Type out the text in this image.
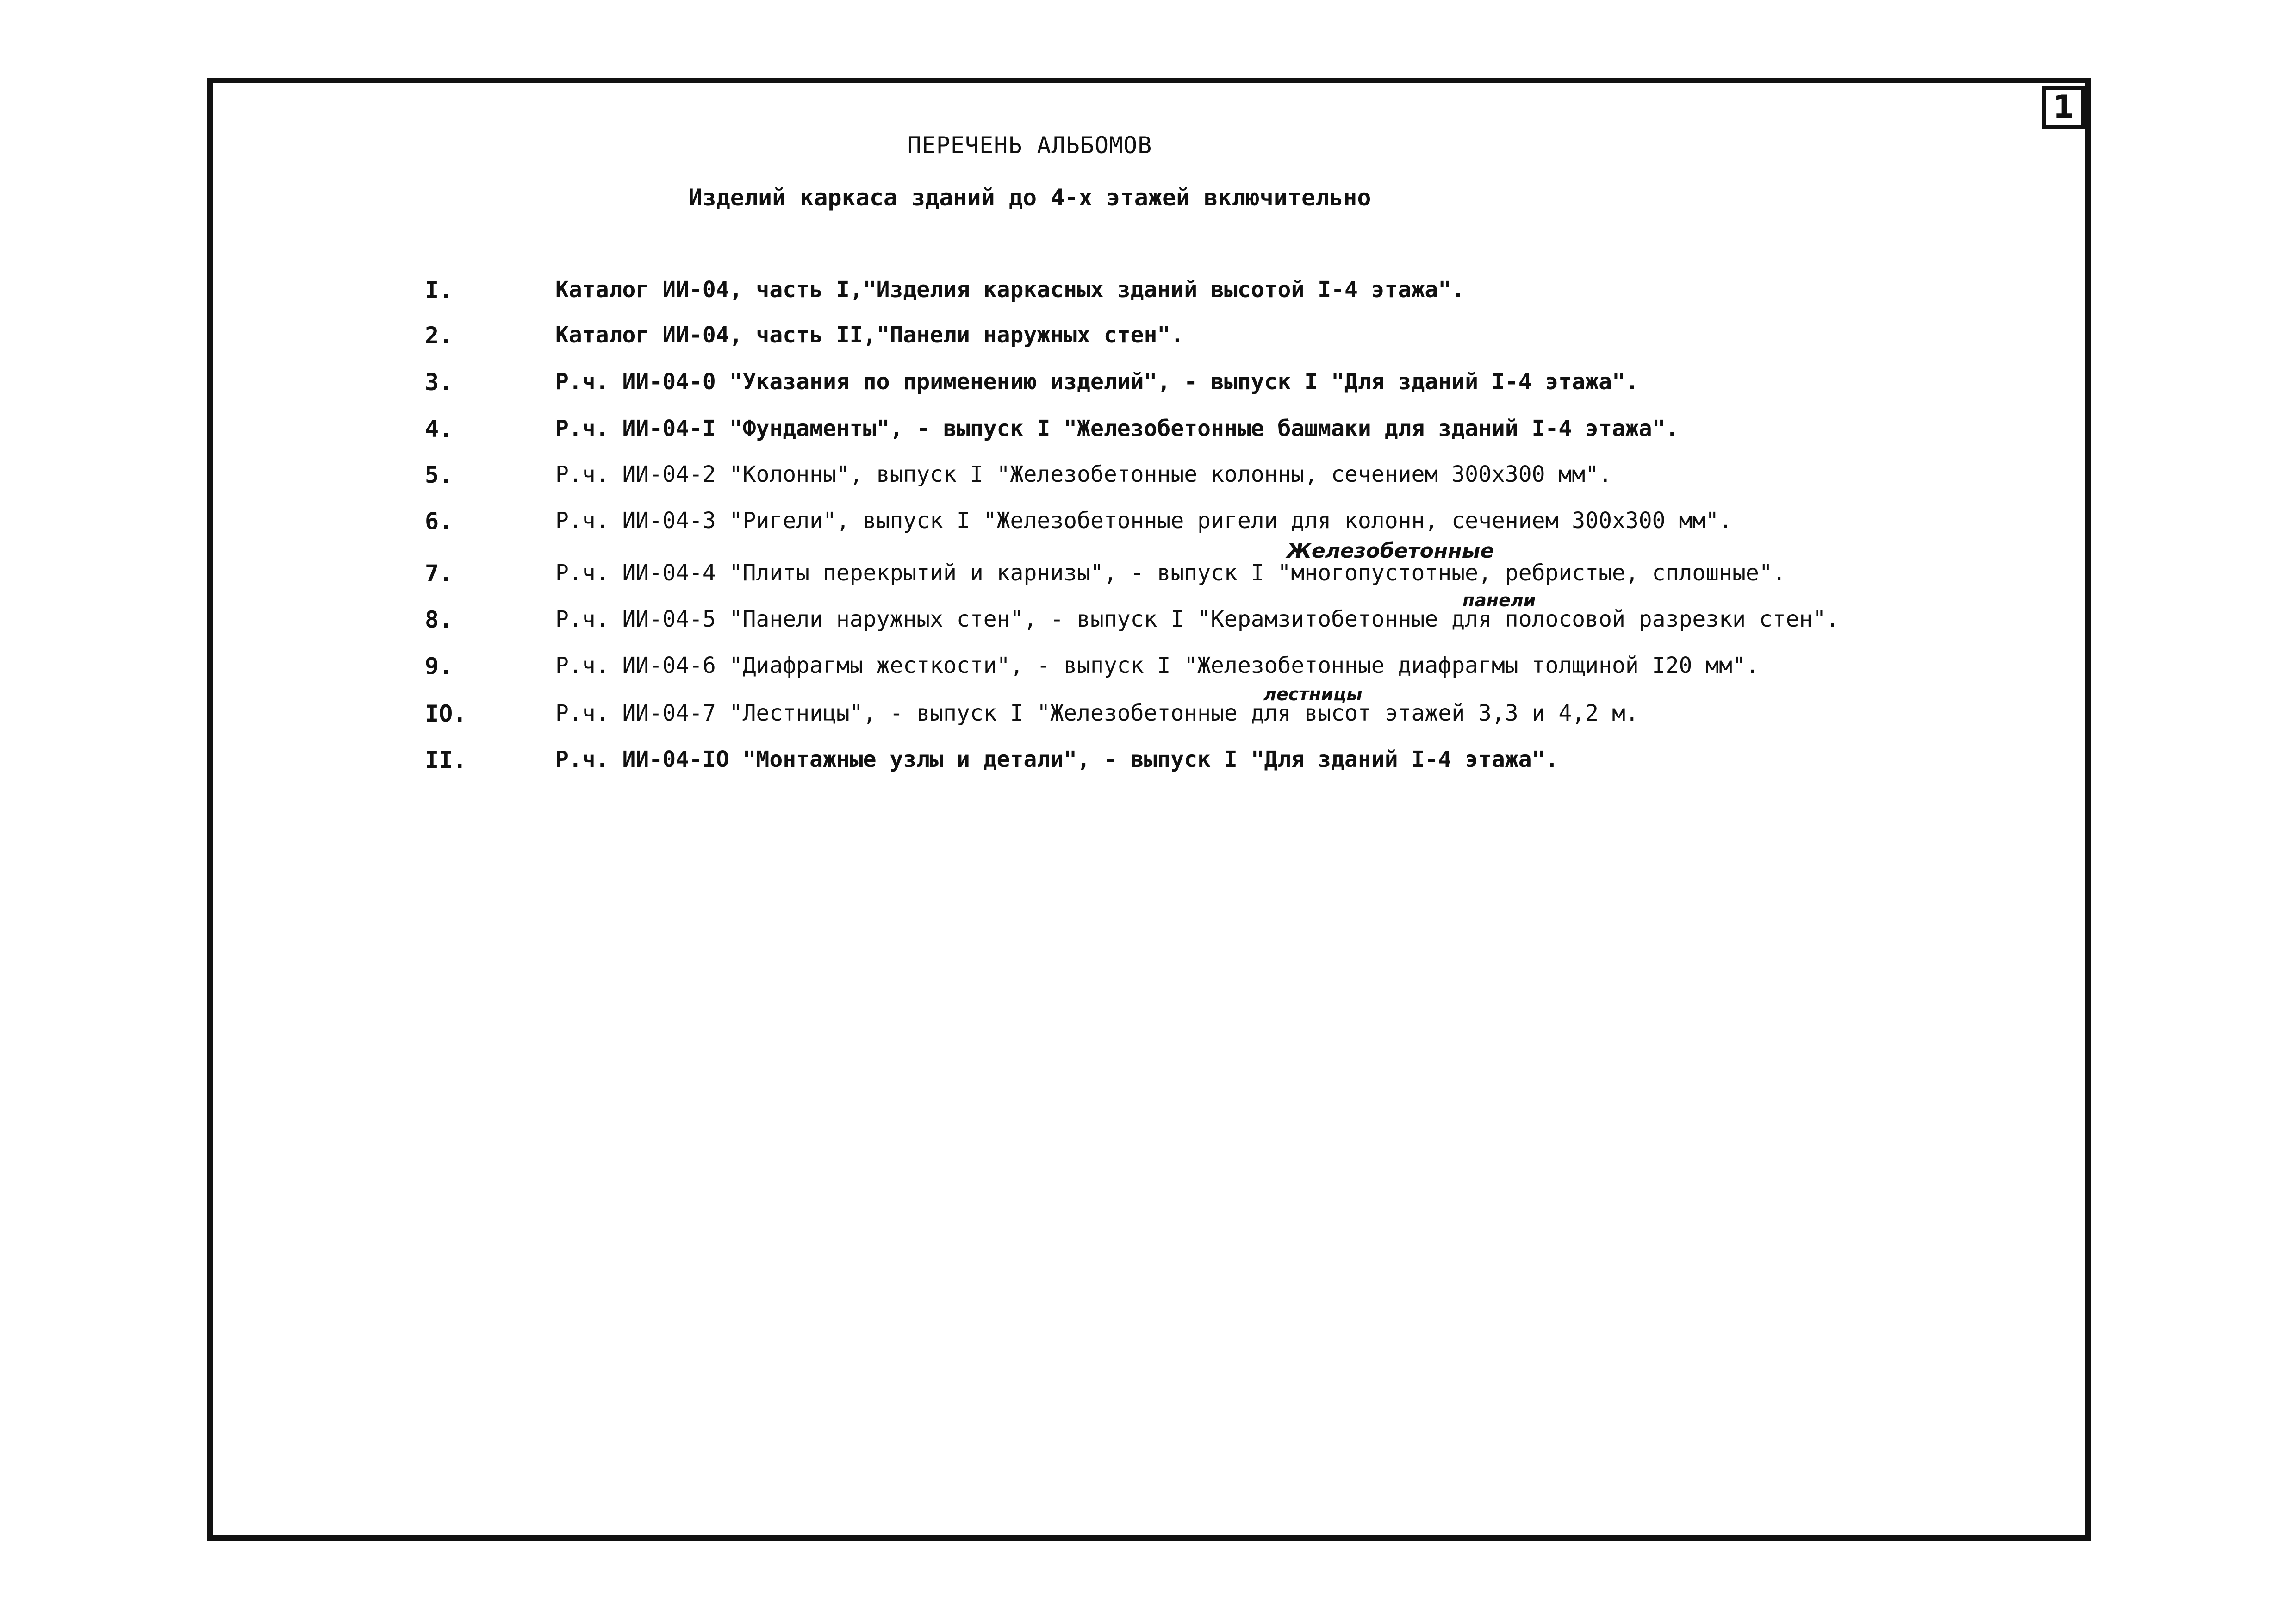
1
ПЕРЕЧЕНЬ АЛЬБОМОВ
Изделий каркаса зданий до 4-х этажей включительно
I.	Каталог ИИ-04, часть I,"Изделия каркасных зданий высотой I-4 этажа".
2.	Каталог ИИ-04, часть II,"Панели наружных стен".
3.	Р.ч. ИИ-04-0 "Указания по применению изделий", - выпуск I "Для зданий I-4 этажа".
4.	Р.ч. ИИ-04-I "Фундаменты", - выпуск I "Железобетонные башмаки для зданий I-4 этажа".
5.	Р.ч. ИИ-04-2 "Колонны", выпуск I "Железобетонные колонны, сечением 300х300 мм".
6.	Р.ч. ИИ-04-3 "Ригели", выпуск I "Железобетонные ригели для колонн, сечением 300х300 мм".
7.	Р.ч. ИИ-04-4 "Плиты перекрытий и карнизы", - выпуск I "многопустотные, ребристые, сплошные".
8.	Р.ч. ИИ-04-5 "Панели наружных стен", - выпуск I "Керамзитобетонные для полосовой разрезки стен".
9.	Р.ч. ИИ-04-6 "Диафрагмы жесткости", - выпуск I "Железобетонные диафрагмы толщиной I20 мм".
IO.	Р.ч. ИИ-04-7 "Лестницы", - выпуск I "Железобетонные для высот этажей 3,3 и 4,2 м.
II.	Р.ч. ИИ-04-IO "Монтажные узлы и детали", - выпуск I "Для зданий I-4 этажа".
Железобетонные
панели
лестницы
